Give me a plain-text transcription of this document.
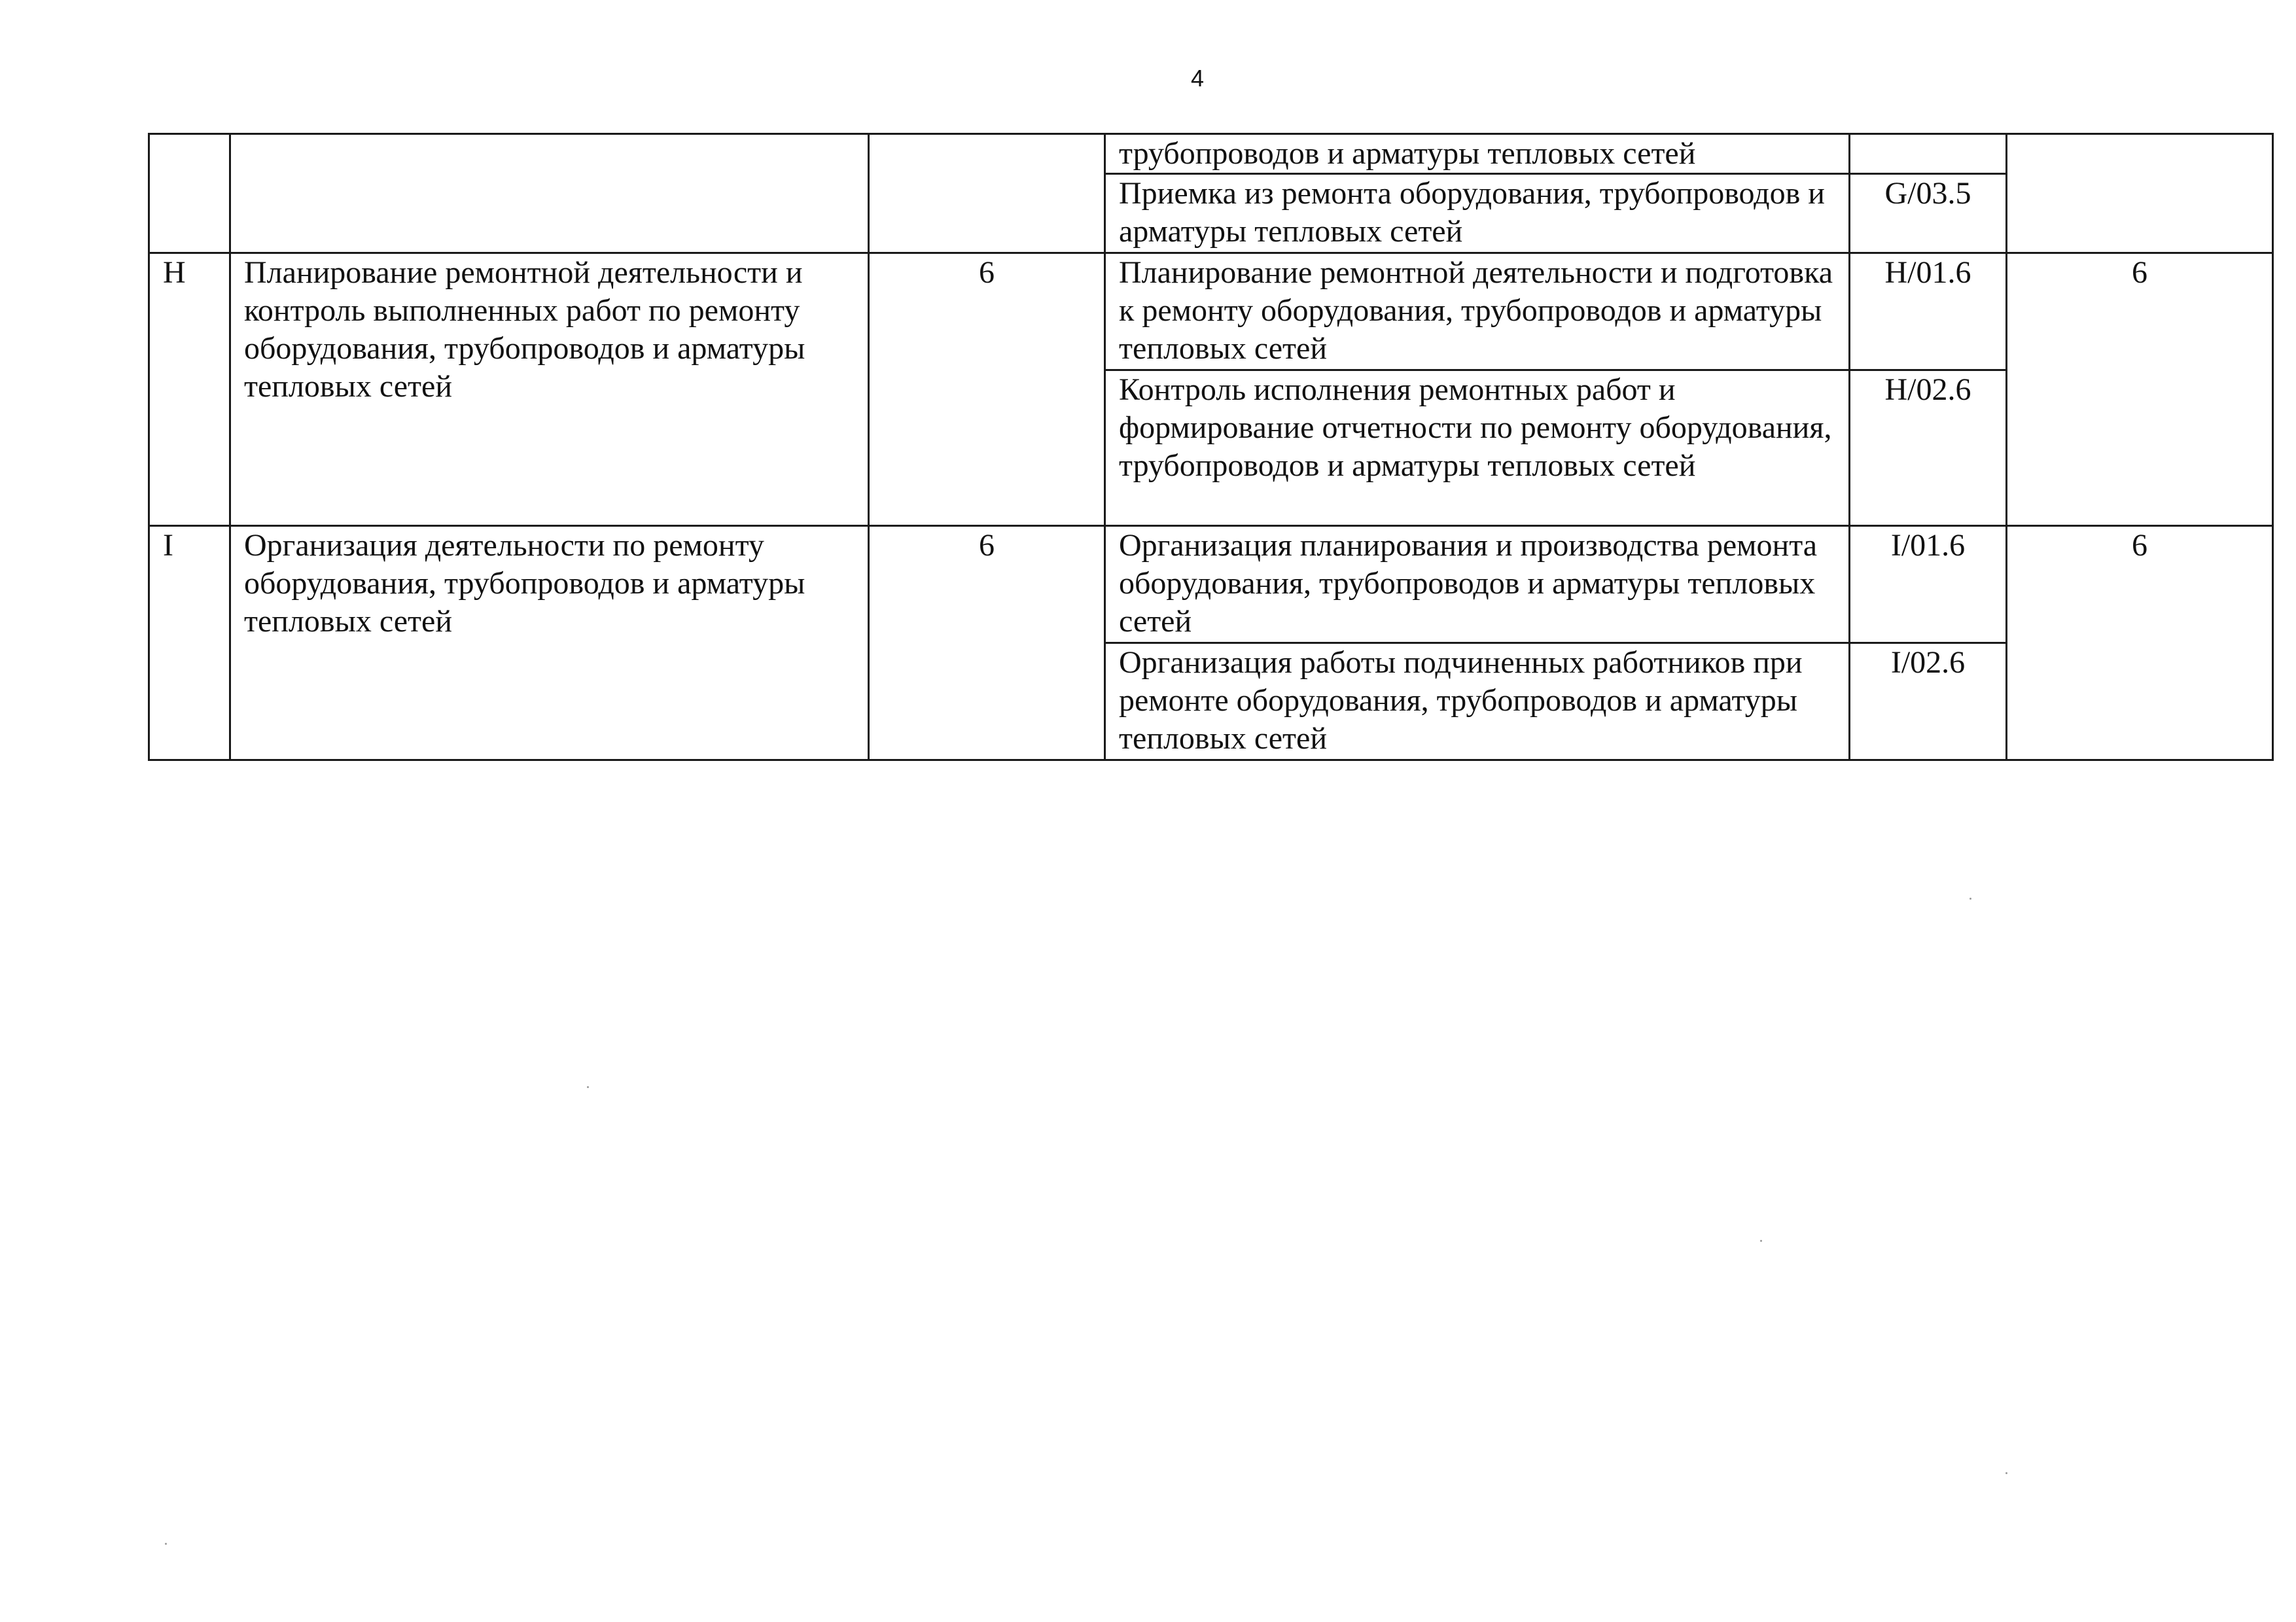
4
			трубопроводов и арматуры тепловых сетей		
			Приемка из ремонта оборудования, трубопроводов и арматуры тепловых сетей	G/03.5	
H	Планирование ремонтной деятельности и контроль выполненных работ по ремонту оборудования, трубопроводов и арматуры тепловых сетей	6	Планирование ремонтной деятельности и подготовка к ремонту оборудования, трубопроводов и арматуры тепловых сетей	H/01.6	6
			Контроль исполнения ремонтных работ и формирование отчетности по ремонту оборудования, трубопроводов и арматуры тепловых сетей	H/02.6	
I	Организация деятельности по ремонту оборудования, трубопроводов и арматуры тепловых сетей	6	Организация планирования и производства ремонта оборудования, трубопроводов и арматуры тепловых сетей	I/01.6	6
			Организация работы подчиненных работников при ремонте оборудования, трубопроводов и арматуры тепловых сетей	I/02.6	
